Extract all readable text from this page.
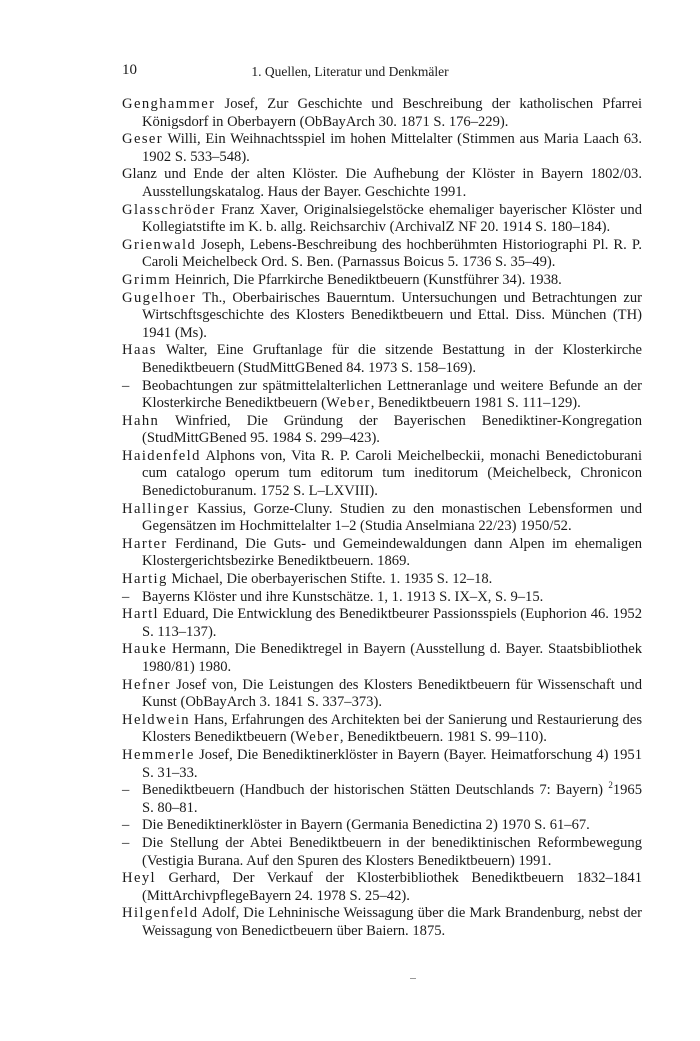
10	1. Quellen, Literatur und Denkmäler

Genghammer Josef, Zur Geschichte und Beschreibung der katholischen Pfarrei Königsdorf in Oberbayern (ObBayArch 30. 1871 S. 176–229).

Geser Willi, Ein Weihnachtsspiel im hohen Mittelalter (Stimmen aus Maria Laach 63. 1902 S. 533–548).

Glanz und Ende der alten Klöster. Die Aufhebung der Klöster in Bayern 1802/03. Ausstellungskatalog. Haus der Bayer. Geschichte 1991.

Glasschröder Franz Xaver, Originalsiegelstöcke ehemaliger bayerischer Klöster und Kollegiatstifte im K. b. allg. Reichsarchiv (ArchivalZ NF 20. 1914 S. 180–184).

Grienwald Joseph, Lebens-Beschreibung des hochberühmten Historiographi Pl. R. P. Caroli Meichelbeck Ord. S. Ben. (Parnassus Boicus 5. 1736 S. 35–49).

Grimm Heinrich, Die Pfarrkirche Benediktbeuern (Kunstführer 34). 1938.

Gugelhoer Th., Oberbairisches Bauerntum. Untersuchungen und Betrachtungen zur Wirtschftsgeschichte des Klosters Benediktbeuern und Ettal. Diss. München (TH) 1941 (Ms).

Haas Walter, Eine Gruftanlage für die sitzende Bestattung in der Klosterkirche Benediktbeuern (StudMittGBened 84. 1973 S. 158–169).

– Beobachtungen zur spätmittelalterlichen Lettneranlage und weitere Befunde an der Klosterkirche Benediktbeuern (Weber, Benediktbeuern 1981 S. 111–129).

Hahn Winfried, Die Gründung der Bayerischen Benediktiner-Kongregation (StudMittGBened 95. 1984 S. 299–423).

Haidenfeld Alphons von, Vita R. P. Caroli Meichelbeckii, monachi Benedictoburani cum catalogo operum tum editorum tum ineditorum (Meichelbeck, Chronicon Benedictoburanum. 1752 S. L–LXVIII).

Hallinger Kassius, Gorze-Cluny. Studien zu den monastischen Lebensformen und Gegensätzen im Hochmittelalter 1–2 (Studia Anselmiana 22/23) 1950/52.

Harter Ferdinand, Die Guts- und Gemeindewaldungen dann Alpen im ehemaligen Klostergerichtsbezirke Benediktbeuern. 1869.

Hartig Michael, Die oberbayerischen Stifte. 1. 1935 S. 12–18.

– Bayerns Klöster und ihre Kunstschätze. 1, 1. 1913 S. IX–X, S. 9–15.

Hartl Eduard, Die Entwicklung des Benediktbeurer Passionsspiels (Euphorion 46. 1952 S. 113–137).

Hauke Hermann, Die Benediktregel in Bayern (Ausstellung d. Bayer. Staatsbibliothek 1980/81) 1980.

Hefner Josef von, Die Leistungen des Klosters Benediktbeuern für Wissenschaft und Kunst (ObBayArch 3. 1841 S. 337–373).

Heldwein Hans, Erfahrungen des Architekten bei der Sanierung und Restaurierung des Klosters Benediktbeuern (Weber, Benediktbeuern. 1981 S. 99–110).

Hemmerle Josef, Die Benediktinerklöster in Bayern (Bayer. Heimatforschung 4) 1951 S. 31–33.

– Benediktbeuern (Handbuch der historischen Stätten Deutschlands 7: Bayern) $^2$1965 S. 80–81.

– Die Benediktinerklöster in Bayern (Germania Benedictina 2) 1970 S. 61–67.

– Die Stellung der Abtei Benediktbeuern in der benediktinischen Reformbewegung (Vestigia Burana. Auf den Spuren des Klosters Benediktbeuern) 1991.

Heyl Gerhard, Der Verkauf der Klosterbibliothek Benediktbeuern 1832–1841 (MittArchivpflegeBayern 24. 1978 S. 25–42).

Hilgenfeld Adolf, Die Lehninische Weissagung über die Mark Brandenburg, nebst der Weissagung von Benedictbeuern über Baiern. 1875.
